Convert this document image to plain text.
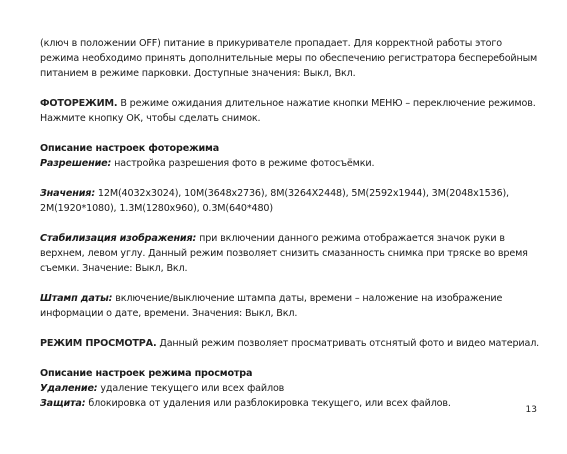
(ключ в положении OFF) питание в прикуривателе пропадает. Для корректной работы этого режима необходимо принять дополнительные меры по обеспечению регистратора бесперебойным питанием в режиме парковки. Доступные значения: Выкл, Вкл.

ФОТОРЕЖИМ. В режиме ожидания длительное нажатие кнопки МЕНЮ – переключение режимов. Нажмите кнопку ОК, чтобы сделать снимок.

Описание настроек фоторежима
Разрешение: настройка разрешения фото в режиме фотосъёмки.

Значения: 12M(4032x3024), 10M(3648x2736), 8M(3264X2448), 5M(2592x1944), 3M(2048x1536), 2M(1920*1080), 1.3M(1280x960), 0.3M(640*480)

Стабилизация изображения: при включении данного режима отображается значок руки в верхнем, левом углу. Данный режим позволяет снизить смазанность снимка при тряске во время съемки. Значение: Выкл, Вкл.

Штамп даты: включение/выключение штампа даты, времени – наложение на изображение информации о дате, времени. Значения: Выкл, Вкл.

РЕЖИМ ПРОСМОТРА. Данный режим позволяет просматривать отснятый фото и видео материал.

Описание настроек режима просмотра
Удаление: удаление текущего или всех файлов
Защита: блокировка от удаления или разблокировка текущего, или всех файлов.

13
